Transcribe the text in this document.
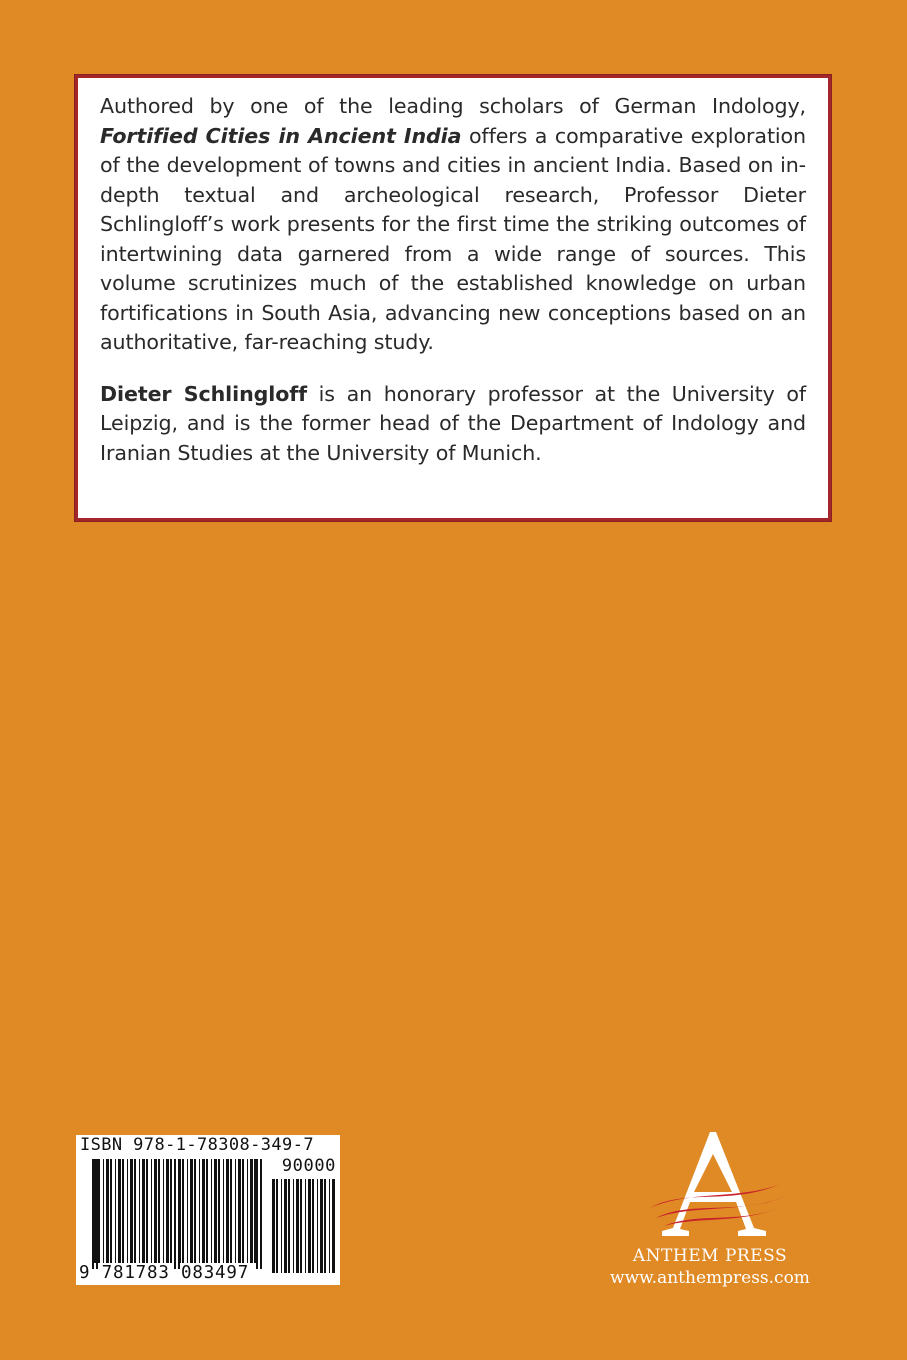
Authored by one of the leading scholars of German Indology, Fortified Cities in Ancient India offers a comparative exploration of the development of towns and cities in ancient India. Based on in-depth textual and archeological research, Professor Dieter Schlingloff’s work presents for the first time the striking outcomes of intertwining data garnered from a wide range of sources. This volume scrutinizes much of the established knowledge on urban fortifications in South Asia, advancing new conceptions based on an authoritative, far-reaching study.

Dieter Schlingloff is an honorary professor at the University of Leipzig, and is the former head of the Department of Indology and Iranian Studies at the University of Munich.

ISBN 978-1-78308-349-7
90000
9 781783 083497
ANTHEM PRESS
www.anthempress.com
